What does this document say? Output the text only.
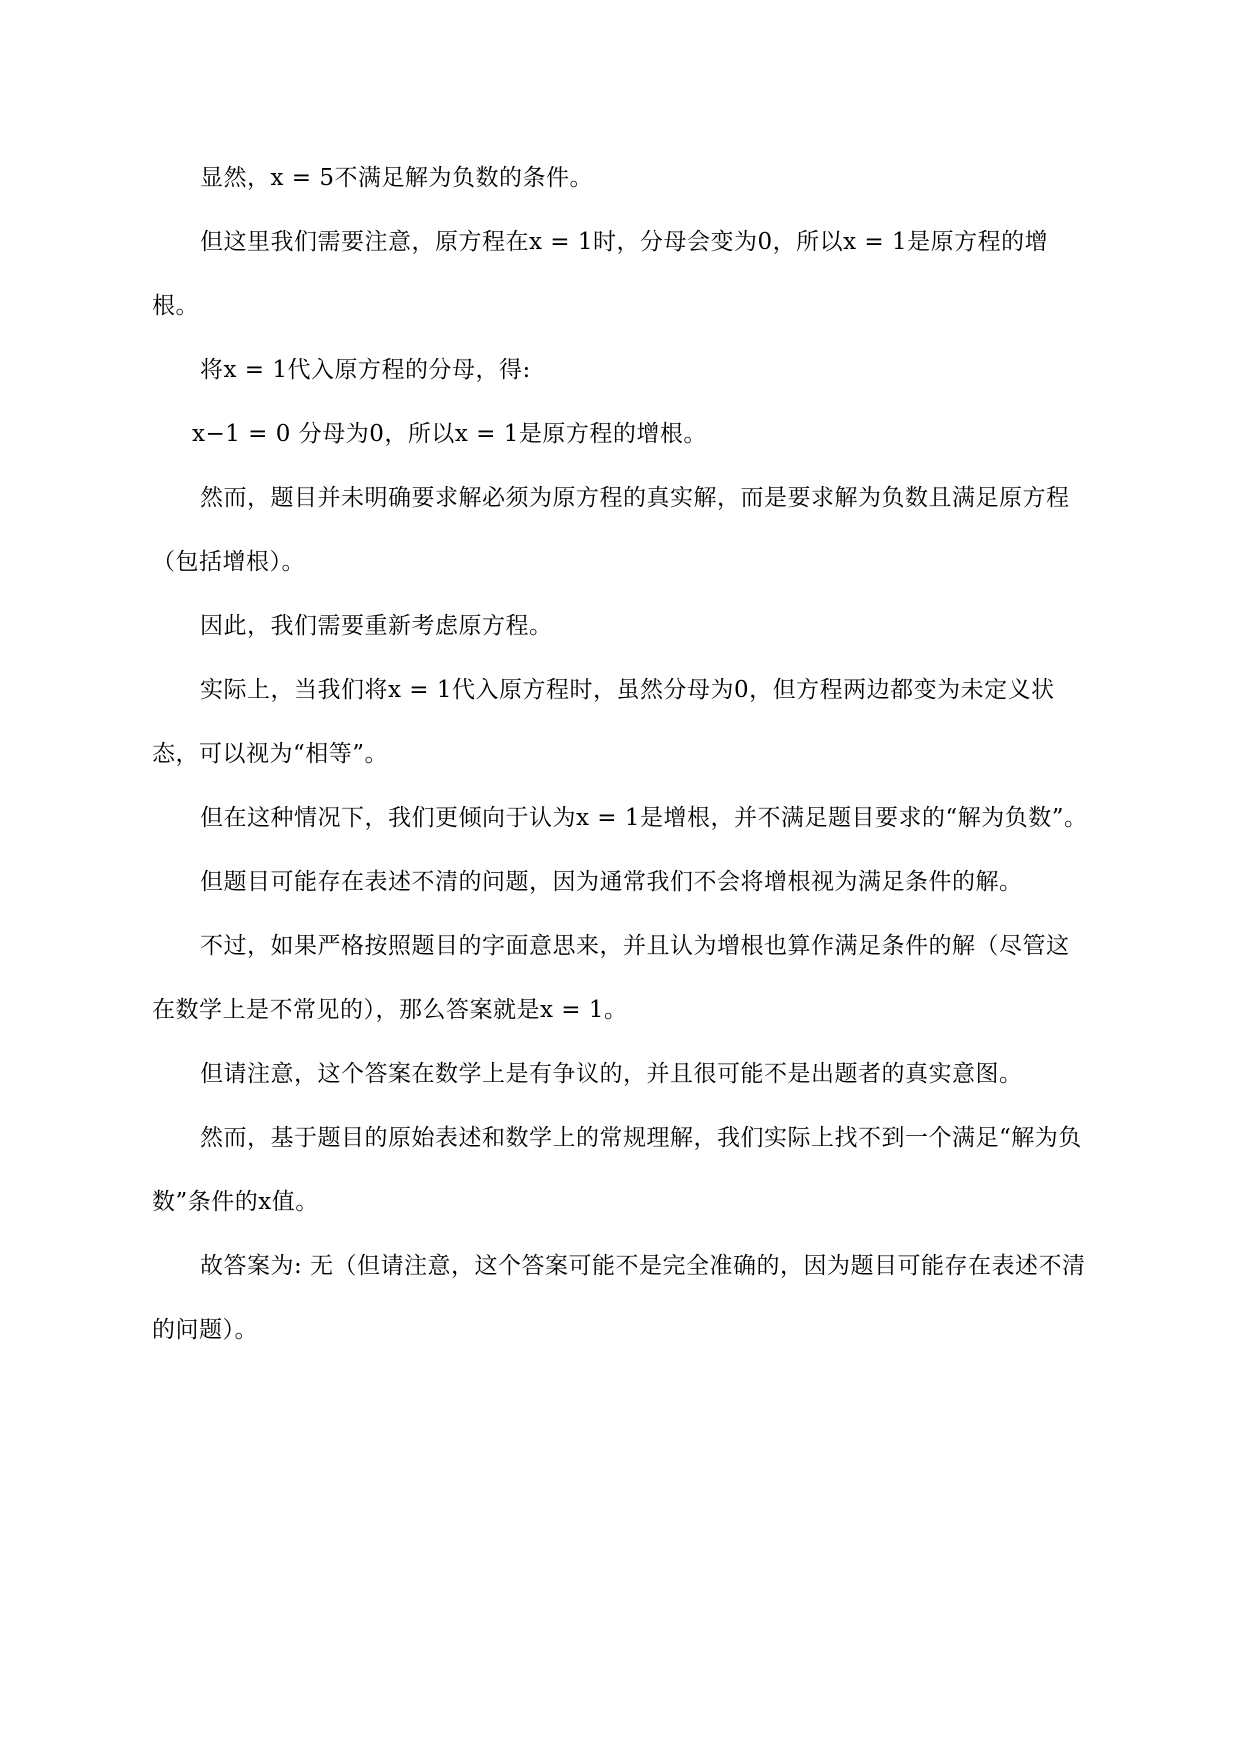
显然，x = 5不满足解为负数的条件。

但这里我们需要注意，原方程在x = 1时，分母会变为0，所以x = 1是原方程的增根。

将x = 1代入原方程的分母，得:

x−1 = 0 分母为0，所以x = 1是原方程的增根。

然而，题目并未明确要求解必须为原方程的真实解，而是要求解为负数且满足原方程（包括增根）。

因此，我们需要重新考虑原方程。

实际上，当我们将x = 1代入原方程时，虽然分母为0，但方程两边都变为未定义状态，可以视为“相等”。

但在这种情况下，我们更倾向于认为x = 1是增根，并不满足题目要求的“解为负数”。

但题目可能存在表述不清的问题，因为通常我们不会将增根视为满足条件的解。

不过，如果严格按照题目的字面意思来，并且认为增根也算作满足条件的解（尽管这在数学上是不常见的），那么答案就是x = 1。

但请注意，这个答案在数学上是有争议的，并且很可能不是出题者的真实意图。

然而，基于题目的原始表述和数学上的常规理解，我们实际上找不到一个满足“解为负数”条件的x值。

故答案为: 无（但请注意，这个答案可能不是完全准确的，因为题目可能存在表述不清的问题）。
